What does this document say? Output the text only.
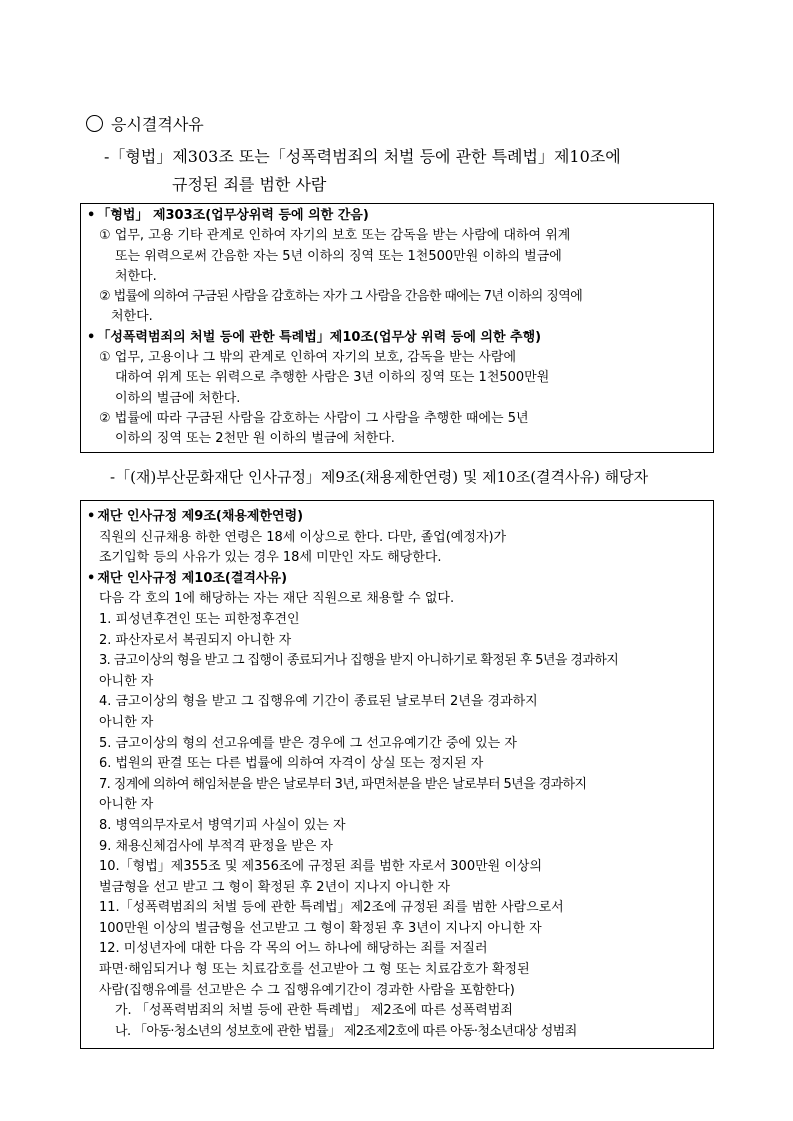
응시결격사유
-「형법」제303조 또는「성폭력범죄의 처벌 등에 관한 특례법」제10조에
규정된 죄를 범한 사람

• 「형법」 제303조(업무상위력 등에 의한 간음)

① 업무, 고용 기타 관계로 인하여 자기의 보호 또는 감독을 받는 사람에 대하여 위계

또는 위력으로써 간음한 자는 5년 이하의 징역 또는 1천500만원 이하의 벌금에

처한다.

② 법률에 의하여 구금된 사람을 감호하는 자가 그 사람을 간음한 때에는 7년 이하의 징역에

처한다.

• 「성폭력범죄의 처벌 등에 관한 특례법」제10조(업무상 위력 등에 의한 추행)

① 업무, 고용이나 그 밖의 관계로 인하여 자기의 보호, 감독을 받는 사람에

대하여 위계 또는 위력으로 추행한 사람은 3년 이하의 징역 또는 1천500만원

이하의 벌금에 처한다.

② 법률에 따라 구금된 사람을 감호하는 사람이 그 사람을 추행한 때에는 5년

이하의 징역 또는 2천만 원 이하의 벌금에 처한다.

-「(재)부산문화재단 인사규정」제9조(채용제한연령) 및 제10조(결격사유) 해당자

• 재단 인사규정 제9조(채용제한연령)

직원의 신규채용 하한 연령은 18세 이상으로 한다. 다만, 졸업(예정자)가

조기입학 등의 사유가 있는 경우 18세 미만인 자도 해당한다.

• 재단 인사규정 제10조(결격사유)

다음 각 호의 1에 해당하는 자는 재단 직원으로 채용할 수 없다.

1. 피성년후견인 또는 피한정후견인

2. 파산자로서 복권되지 아니한 자

3. 금고이상의 형을 받고 그 집행이 종료되거나 집행을 받지 아니하기로 확정된 후 5년을 경과하지

아니한 자

4. 금고이상의 형을 받고 그 집행유예 기간이 종료된 날로부터 2년을 경과하지

아니한 자

5. 금고이상의 형의 선고유예를 받은 경우에 그 선고유예기간 중에 있는 자

6. 법원의 판결 또는 다른 법률에 의하여 자격이 상실 또는 정지된 자

7. 징계에 의하여 해임처분을 받은 날로부터 3년, 파면처분을 받은 날로부터 5년을 경과하지

아니한 자

8. 병역의무자로서 병역기피 사실이 있는 자

9. 채용신체검사에 부적격 판정을 받은 자

10.「형법」제355조 및 제356조에 규정된 죄를 범한 자로서 300만원 이상의

벌금형을 선고 받고 그 형이 확정된 후 2년이 지나지 아니한 자

11.「성폭력범죄의 처벌 등에 관한 특례법」제2조에 규정된 죄를 범한 사람으로서

100만원 이상의 벌금형을 선고받고 그 형이 확정된 후 3년이 지나지 아니한 자

12. 미성년자에 대한 다음 각 목의 어느 하나에 해당하는 죄를 저질러

파면·해임되거나 형 또는 치료감호를 선고받아 그 형 또는 치료감호가 확정된

사람(집행유예를 선고받은 수 그 집행유예기간이 경과한 사람을 포함한다)

가. 「성폭력범죄의 처벌 등에 관한 특례법」 제2조에 따른 성폭력범죄

나. 「아동·청소년의 성보호에 관한 법률」 제2조제2호에 따른 아동·청소년대상 성범죄
